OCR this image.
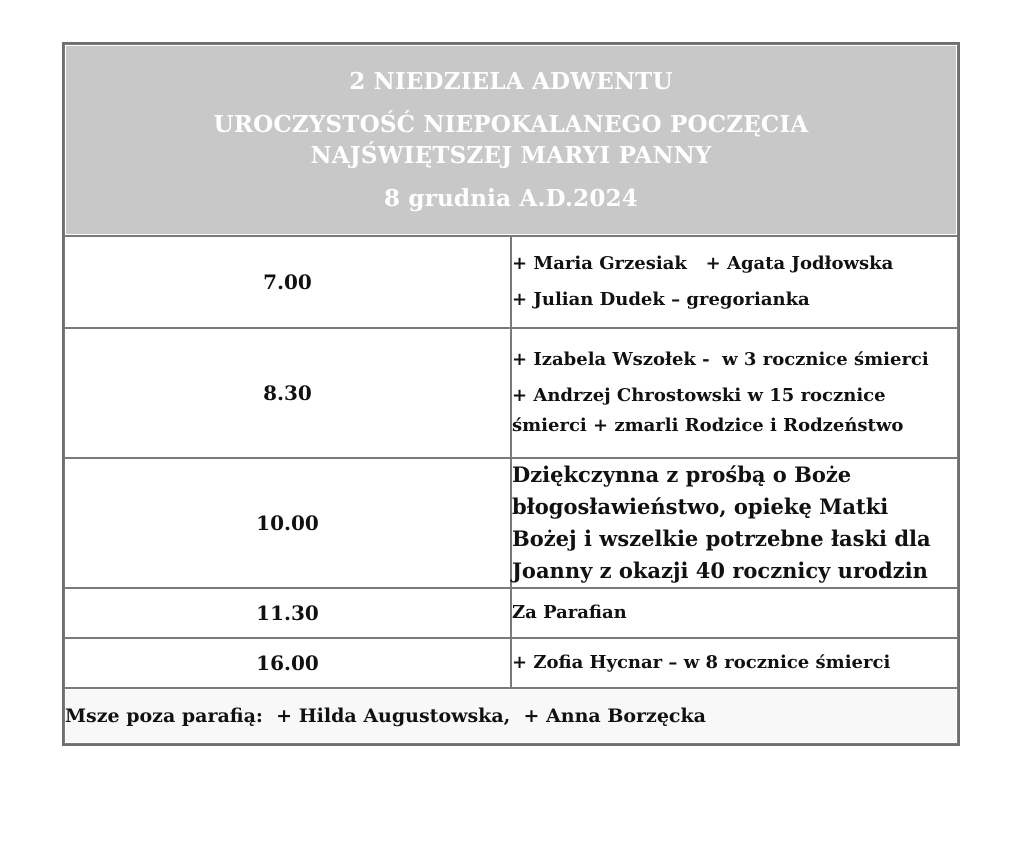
2 NIEDZIELA ADWENTU
UROCZYSTOŚĆ NIEPOKALANEGO POCZĘCIA
NAJŚWIĘTSZEJ MARYI PANNY
8 grudnia A.D.2024	

7.00	+ Maria Grzesiak   + Agata Jodłowska
+ Julian Dudek – gregorianka

8.30	+ Izabela Wszołek -  w 3 rocznice śmierci
+ Andrzej Chrostowski w 15 rocznice śmierci + zmarli Rodzice i Rodzeństwo

10.00	Dziękczynna z prośbą o Boże błogosławieństwo, opiekę Matki Bożej i wszelkie potrzebne łaski dla Joanny z okazji 40 rocznicy urodzin

11.30	Za Parafian

16.00	+ Zofia Hycnar – w 8 rocznice śmierci

Msze poza parafią:  + Hilda Augustowska,  + Anna Borzęcka	
